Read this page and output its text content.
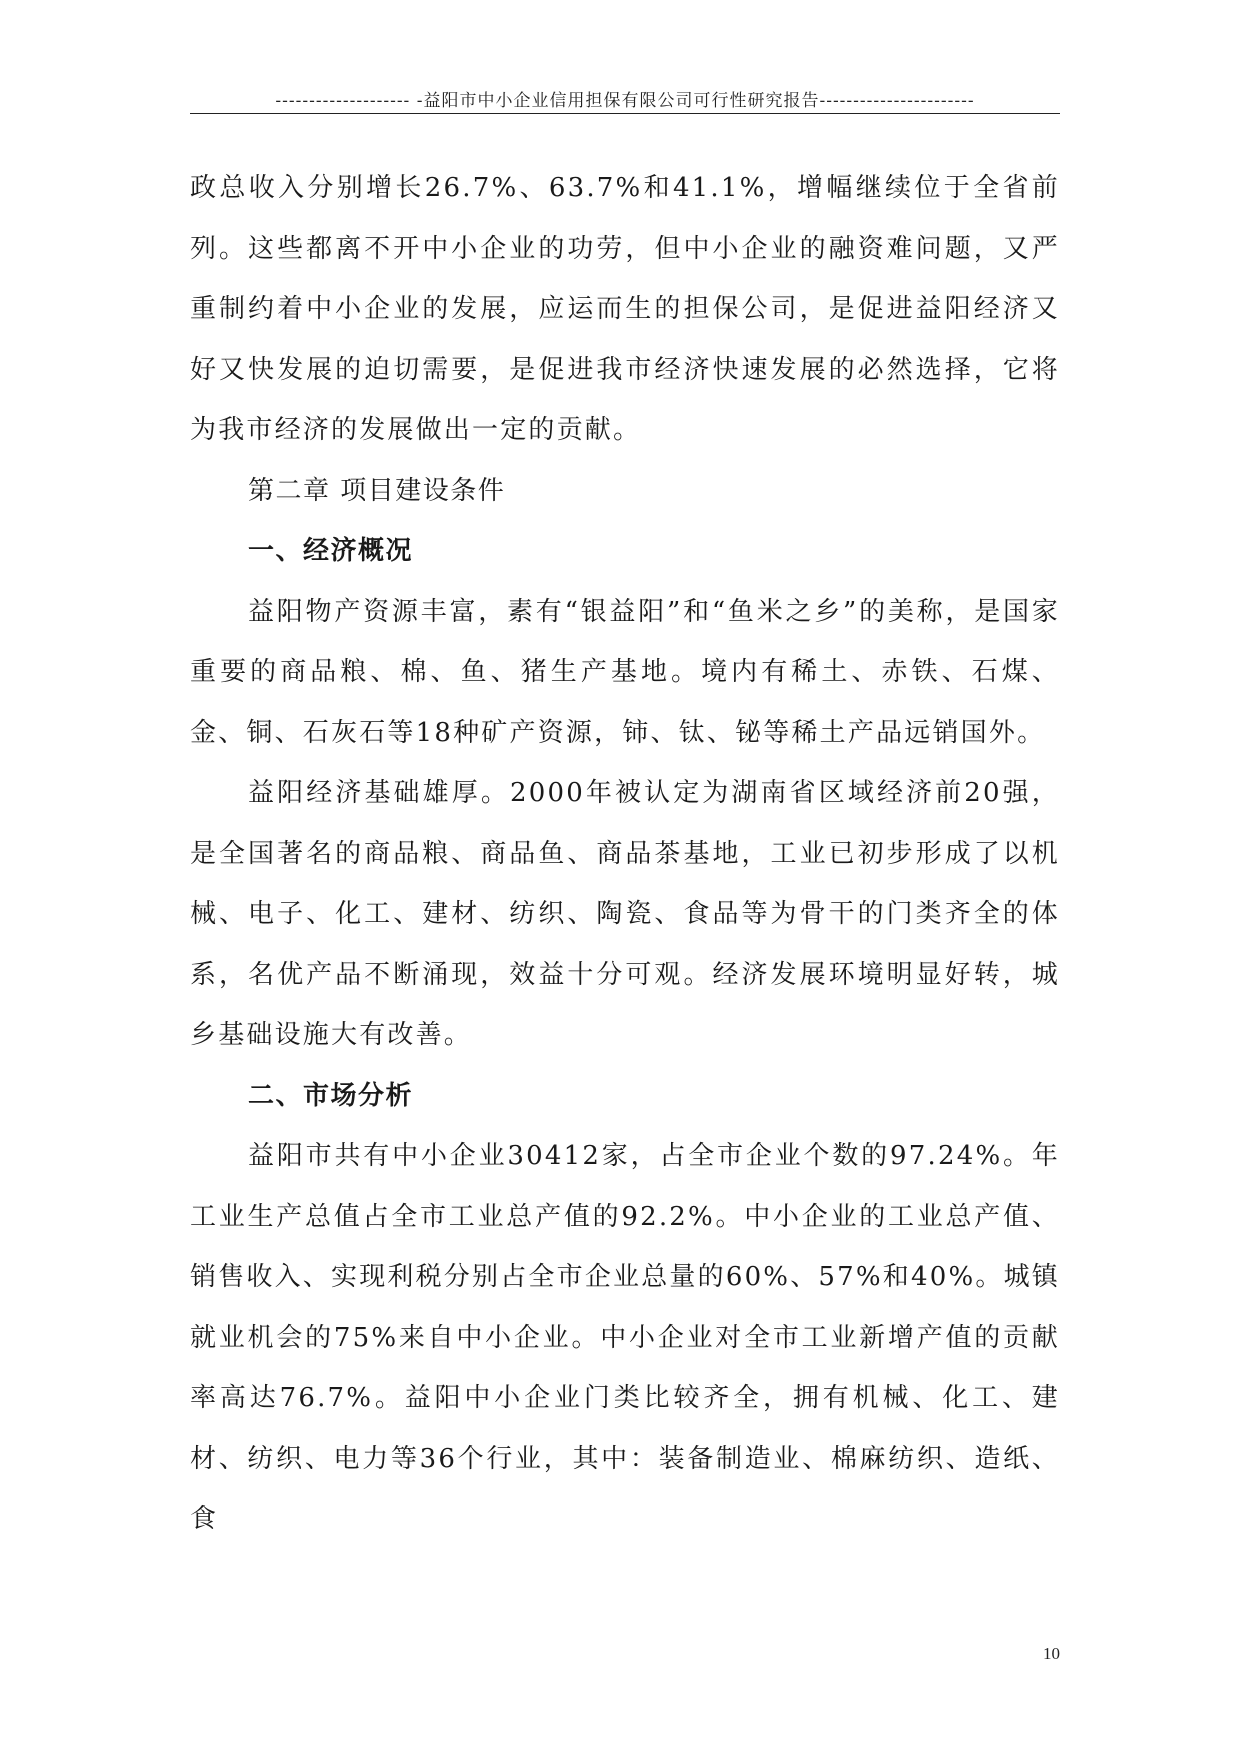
-------------------- -益阳市中小企业信用担保有限公司可行性研究报告-----------------------

政总收入分别增长26.7%、63.7%和41.1%，增幅继续位于全省前列。这些都离不开中小企业的功劳，但中小企业的融资难问题，又严重制约着中小企业的发展，应运而生的担保公司，是促进益阳经济又好又快发展的迫切需要，是促进我市经济快速发展的必然选择，它将为我市经济的发展做出一定的贡献。

第二章 项目建设条件

一、经济概况

益阳物产资源丰富，素有“银益阳”和“鱼米之乡”的美称，是国家重要的商品粮、棉、鱼、猪生产基地。境内有稀土、赤铁、石煤、金、铜、石灰石等18种矿产资源，铈、钛、铋等稀土产品远销国外。

益阳经济基础雄厚。2000年被认定为湖南省区域经济前20强，是全国著名的商品粮、商品鱼、商品茶基地，工业已初步形成了以机械、电子、化工、建材、纺织、陶瓷、食品等为骨干的门类齐全的体系，名优产品不断涌现，效益十分可观。经济发展环境明显好转，城乡基础设施大有改善。

二、市场分析

益阳市共有中小企业30412家，占全市企业个数的97.24%。年工业生产总值占全市工业总产值的92.2%。中小企业的工业总产值、销售收入、实现利税分别占全市企业总量的60%、57%和40%。城镇就业机会的75%来自中小企业。中小企业对全市工业新增产值的贡献率高达76.7%。益阳中小企业门类比较齐全，拥有机械、化工、建材、纺织、电力等36个行业，其中：装备制造业、棉麻纺织、造纸、食

10
